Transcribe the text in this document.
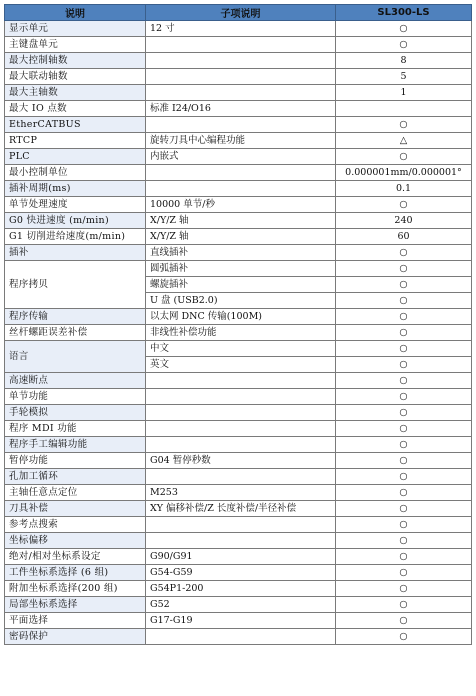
说明	子项说明	SL300-LS
显示单元	12 寸	○
主键盘单元		○
最大控制轴数		8
最大联动轴数		5
最大主轴数		1
最大 IO 点数	标准 I24/O16	
EtherCATBUS		○
RTCP	旋转刀具中心编程功能	△
PLC	内嵌式	○
最小控制单位		0.000001mm/0.000001°
插补周期(ms)		0.1
单节处理速度	10000 单节/秒	○
G0 快进速度 (m/min)	X/Y/Z 轴	240
G1 切削进给速度(m/min)	X/Y/Z 轴	60
插补	直线插补	○
程序拷贝	圆弧插补	○
	螺旋插补	○
	U 盘 (USB2.0)	○
程序传输	以太网 DNC 传输(100M)	○
丝杆螺距误差补偿	非线性补偿功能	○
语言	中文	○
	英文	○
高速断点		○
单节功能		○
手轮模拟		○
程序 MDI 功能		○
程序手工编辑功能		○
暂停功能	G04 暂停秒数	○
孔加工循环		○
主轴任意点定位	M253	○
刀具补偿	XY 偏移补偿/Z 长度补偿/半径补偿	○
参考点搜索		○
坐标偏移		○
绝对/相对坐标系设定	G90/G91	○
工件坐标系选择 (6 组)	G54-G59	○
附加坐标系选择(200 组)	G54P1-200	○
局部坐标系选择	G52	○
平面选择	G17-G19	○
密码保护		○
